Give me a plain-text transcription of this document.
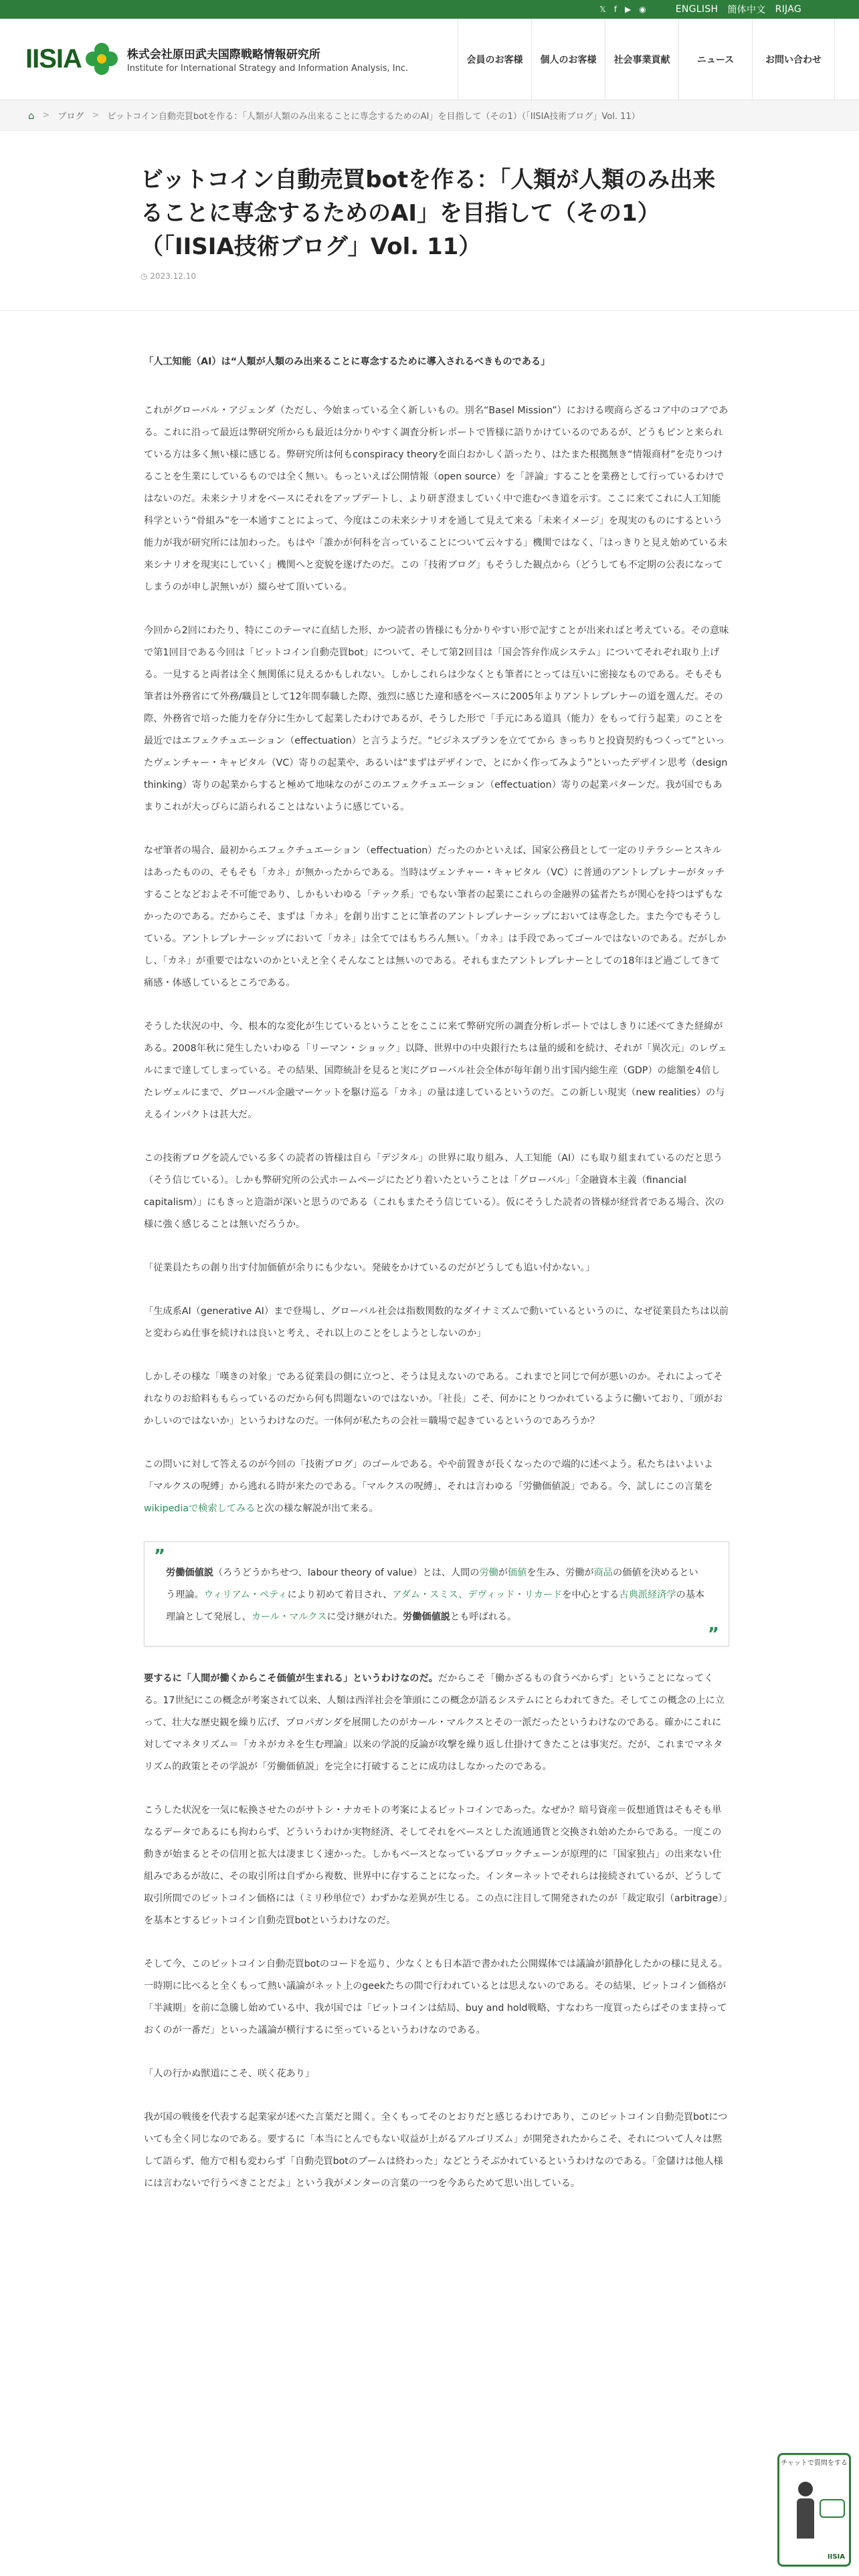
𝕏 f ▶ ◉	ENGLISH 簡体中文 RIJAG
IISIA	株式会社原田武夫国際戦略情報研究所
Institute for International Strategy and Information Analysis, Inc.
会員のお客様	個人のお客様	社会事業貢献	ニュース	お問い合わせ
⌂ > ブログ > ビットコイン自動売買botを作る：「人類が人類のみ出来ることに専念するためのAI」を目指して（その1）（「IISIA技術ブログ」Vol. 11）
ビットコイン自動売買botを作る：「人類が人類のみ出来ることに専念するためのAI」を目指して（その1）（「IISIA技術ブログ」Vol. 11）
◷ 2023.12.10

「人工知能（AI）は“人類が人類のみ出来ることに専念するために導入されるべきものである」

これがグローバル・アジェンダ（ただし、今始まっている全く新しいもの。別名“Basel Mission”）における喫商らざるコア中のコアである。これに沿って最近は弊研究所からも最近は分かりやすく調査分析レポートで皆様に語りかけているのであるが、どうもピンと来られている方は多く無い様に感じる。弊研究所は何もconspiracy theoryを面白おかしく語ったり、はたまた根拠無き“情報商材”を売りつけることを生業にしているものでは全く無い。もっといえば公開情報（open source）を「評論」することを業務として行っているわけではないのだ。未来シナリオをベースにそれをアップデートし、より研ぎ澄ましていく中で進むべき道を示す。ここに来てこれに人工知能科学という“骨組み”を一本通すことによって、今度はこの未来シナリオを通して見えて来る「未来イメージ」を現実のものにするという能力が我が研究所には加わった。もはや「誰かが何科を言っていることについて云々する」機関ではなく、「はっきりと見え始めている未来シナリオを現実にしていく」機関へと変貌を遂げたのだ。この「技術ブログ」もそうした観点から（どうしても不定期の公表になってしまうのが申し訳無いが）綴らせて頂いている。

今回から2回にわたり、特にこのテーマに直結した形、かつ読者の皆様にも分かりやすい形で記すことが出来ればと考えている。その意味で第1回目である今回は「ビットコイン自動売買bot」について、そして第2回目は「国会答弁作成システム」についてそれぞれ取り上げる。一見すると両者は全く無関係に見えるかもしれない。しかしこれらは少なくとも筆者にとっては互いに密接なものである。そもそも筆者は外務省にて外務/職員として12年間奉職した際、強烈に感じた違和感をベースに2005年よりアントレプレナーの道を選んだ。その際、外務省で培った能力を存分に生かして起業したわけであるが、そうした形で「手元にある道具（能力）をもって行う起業」のことを最近ではエフェクチュエーション（effectuation）と言うようだ。“ビジネスプランを立ててから きっちりと投資契約もつくって”といったヴェンチャー・キャピタル（VC）寄りの起業や、あるいは“まずはデザインで、とにかく作ってみよう”といったデザイン思考（design thinking）寄りの起業からすると極めて地味なのがこのエフェクチュエーション（effectuation）寄りの起業パターンだ。我が国でもあまりこれが大っぴらに語られることはないように感じている。

なぜ筆者の場合、最初からエフェクチュエーション（effectuation）だったのかといえば、国家公務員として一定のリテラシーとスキルはあったものの、そもそも「カネ」が無かったからである。当時はヴェンチャー・キャピタル（VC）に普通のアントレプレナーがタッチすることなどおよそ不可能であり、しかもいわゆる「テック系」でもない筆者の起業にこれらの金融界の猛者たちが関心を持つはずもなかったのである。だからこそ、まずは「カネ」を創り出すことに筆者のアントレプレナーシップにおいては専念した。また今でもそうしている。アントレプレナーシップにおいて「カネ」は全てではもちろん無い。「カネ」は手段であってゴールではないのである。だがしかし、「カネ」が重要ではないのかといえと全くそんなことは無いのである。それもまたアントレプレナーとしての18年ほど過ごしてきて痛感・体感しているところである。

そうした状況の中、今、根本的な変化が生じているということをここに来て弊研究所の調査分析レポートではしきりに述べてきた経緯がある。2008年秋に発生したいわゆる「リーマン・ショック」以降、世界中の中央銀行たちは量的緩和を続け、それが「異次元」のレヴェルにまで達してしまっている。その結果、国際統計を見ると実にグローバル社会全体が毎年創り出す国内総生産（GDP）の総額を4倍したレヴェルにまで、グローバル金融マーケットを駆け巡る「カネ」の量は達しているというのだ。この新しい現実（new realities）の与えるインパクトは甚大だ。

この技術ブログを読んでいる多くの読者の皆様は自ら「デジタル」の世界に取り組み、人工知能（AI）にも取り組まれているのだと思う（そう信じている）。しかも弊研究所の公式ホームページにたどり着いたということは「グローバル」「金融資本主義（financial capitalism）」にもきっと造詣が深いと思うのである（これもまたそう信じている）。仮にそうした読者の皆様が経営者である場合、次の様に強く感じることは無いだろうか。

「従業員たちの創り出す付加価値が余りにも少ない。発破をかけているのだがどうしても追い付かない。」

「生成系AI（generative AI）まで登場し、グローバル社会は指数関数的なダイナミズムで動いているというのに、なぜ従業員たちは以前と変わらぬ仕事を続けれは良いと考え、それ以上のことをしようとしないのか」

しかしその様な「嘆きの対象」である従業員の側に立つと、そうは見えないのである。これまでと同じで何が悪いのか。それによってそれなりのお給料ももらっているのだから何も問題ないのではないか。「社長」こそ、何かにとりつかれているように働いており、「頭がおかしいのではないか」というわけなのだ。一体何が私たちの会社＝職場で起きているというのであろうか？

この問いに対して答えるのが今回の「技術ブログ」のゴールである。やや前置きが長くなったので端的に述べよう。私たちはいよいよ「マルクスの呪縛」から逃れる時が来たのである。「マルクスの呪縛」、それは言わゆる「労働価値説」である。今、試しにこの言葉をwikipediaで検索してみると次の様な解説が出て来る。

”

労働価値説（ろうどうかちせつ、labour theory of value）とは、人間の労働が価値を生み、労働が商品の価値を決めるという理論。ウィリアム・ペティにより初めて着目され、アダム・スミス、デヴィッド・リカードを中心とする古典派経済学の基本理論として発展し、カール・マルクスに受け継がれた。労働価値説とも呼ばれる。

”

要するに「人間が働くからこそ価値が生まれる」というわけなのだ。だからこそ「働かざるもの食うべからず」ということになってくる。17世紀にこの概念が考案されて以来、人類は西洋社会を筆頭にこの概念が語るシステムにとらわれてきた。そしてこの概念の上に立って、壮大な歴史観を繰り広げ、プロパガンダを展開したのがカール・マルクスとその一派だったというわけなのである。確かにこれに対してマネタリズム＝「カネがカネを生む理論」以来の学説的反論が攻撃を繰り返し仕掛けてきたことは事実だ。だが、これまでマネタリズム的政策とその学説が「労働価値説」を完全に打破することに成功はしなかったのである。

こうした状況を一気に転換させたのがサトシ・ナカモトの考案によるビットコインであった。なぜか？暗号資産＝仮想通貨はそもそも単なるデータであるにも拘わらず、どういうわけか実物経済、そしてそれをベースとした流通通貨と交換され始めたからである。一度この動きが始まるとその信用と拡大は凄まじく速かった。しかもベースとなっているブロックチェーンが原理的に「国家独占」の出来ない仕組みであるが故に、その取引所は自ずから複数、世界中に存することになった。インターネットでそれらは接続されているが、どうして取引所間でのビットコイン価格には（ミリ秒単位で）わずかな差異が生じる。この点に注目して開発されたのが「裁定取引（arbitrage）」を基本とするビットコイン自動売買botというわけなのだ。

そして今、このビットコイン自動売買botのコードを巡り、少なくとも日本語で書かれた公開媒体では議論が鎖静化したかの様に見える。一時期に比べると全くもって熱い議論がネット上のgeekたちの間で行われているとは思えないのである。その結果、ビットコイン価格が「半減期」を前に急騰し始めている中、我が国では「ビットコインは結局、buy and hold戦略、すなわち一度買ったらばそのまま持っておくのが一番だ」といった議論が横行するに至っているというわけなのである。

「人の行かぬ獣道にこそ、咲く花あり」

我が国の戦後を代表する起業家が述べた言葉だと聞く。全くもってそのとおりだと感じるわけであり、このビットコイン自動売買botについても全く同じなのである。要するに「本当にとんでもない収益が上がるアルゴリズム」が開発されたからこそ、それについて人々は黙して語らず、他方で相も変わらず「自動売買botのブームは終わった」などとうそぶかれているというわけなのである。「金儲けは他人様には言わないで行うべきことだよ」という我がメンターの言葉の一つを今あらためて思い出している。

チャットで質問をする
IISIA
